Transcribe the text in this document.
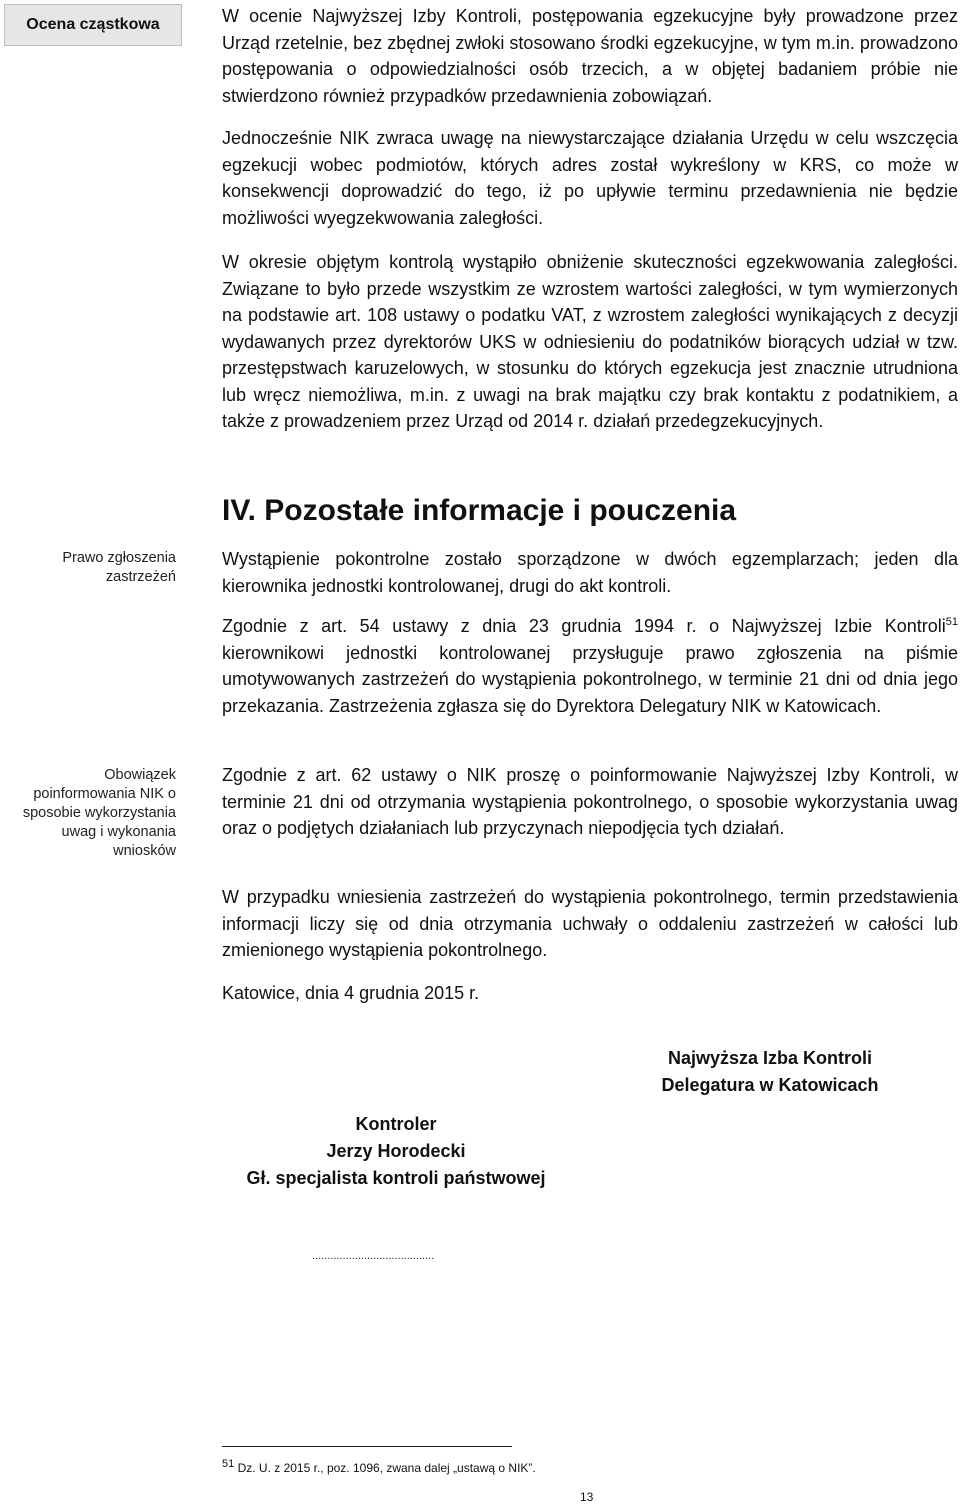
Ocena cząstkowa
Prawo zgłoszenia zastrzeżeń
Obowiązek poinformowania NIK o sposobie wykorzystania uwag i wykonania wniosków

W ocenie Najwyższej Izby Kontroli, postępowania egzekucyjne były prowadzone przez Urząd rzetelnie, bez zbędnej zwłoki stosowano środki egzekucyjne, w tym m.in. prowadzono postępowania o odpowiedzialności osób trzecich, a w objętej badaniem próbie nie stwierdzono również przypadków przedawnienia zobowiązań.

Jednocześnie NIK zwraca uwagę na niewystarczające działania Urzędu w celu wszczęcia egzekucji wobec podmiotów, których adres został wykreślony w KRS, co może w konsekwencji doprowadzić do tego, iż po upływie terminu przedawnienia nie będzie możliwości wyegzekwowania zaległości.

W okresie objętym kontrolą wystąpiło obniżenie skuteczności egzekwowania zaległości. Związane to było przede wszystkim ze wzrostem wartości zaległości, w tym wymierzonych na podstawie art. 108 ustawy o podatku VAT, z wzrostem zaległości wynikających z decyzji wydawanych przez dyrektorów UKS w odniesieniu do podatników biorących udział w tzw. przestępstwach karuzelowych, w stosunku do których egzekucja jest znacznie utrudniona lub wręcz niemożliwa, m.in. z uwagi na brak majątku czy brak kontaktu z podatnikiem, a także z prowadzeniem przez Urząd od 2014 r. działań przedegzekucyjnych.

IV. Pozostałe informacje i pouczenia

Wystąpienie pokontrolne zostało sporządzone w dwóch egzemplarzach; jeden dla kierownika jednostki kontrolowanej, drugi do akt kontroli.

Zgodnie z art. 54 ustawy z dnia 23 grudnia 1994 r. o Najwyższej Izbie Kontroli$^{51}$ kierownikowi jednostki kontrolowanej przysługuje prawo zgłoszenia na piśmie umotywowanych zastrzeżeń do wystąpienia pokontrolnego, w terminie 21 dni od dnia jego przekazania. Zastrzeżenia zgłasza się do Dyrektora Delegatury NIK w Katowicach.

Zgodnie z art. 62 ustawy o NIK proszę o poinformowanie Najwyższej Izby Kontroli, w terminie 21 dni od otrzymania wystąpienia pokontrolnego, o sposobie wykorzystania uwag oraz o podjętych działaniach lub przyczynach niepodjęcia tych działań.

W przypadku wniesienia zastrzeżeń do wystąpienia pokontrolnego, termin przedstawienia informacji liczy się od dnia otrzymania uchwały o oddaleniu zastrzeżeń w całości lub zmienionego wystąpienia pokontrolnego.

Katowice, dnia 4 grudnia 2015 r.

Najwyższa Izba Kontroli
Delegatura w Katowicach
Kontroler
Jerzy Horodecki
Gł. specjalista kontroli państwowej
........................................
$^{51}$ Dz. U. z 2015 r., poz. 1096, zwana dalej „ustawą o NIK”.
13
